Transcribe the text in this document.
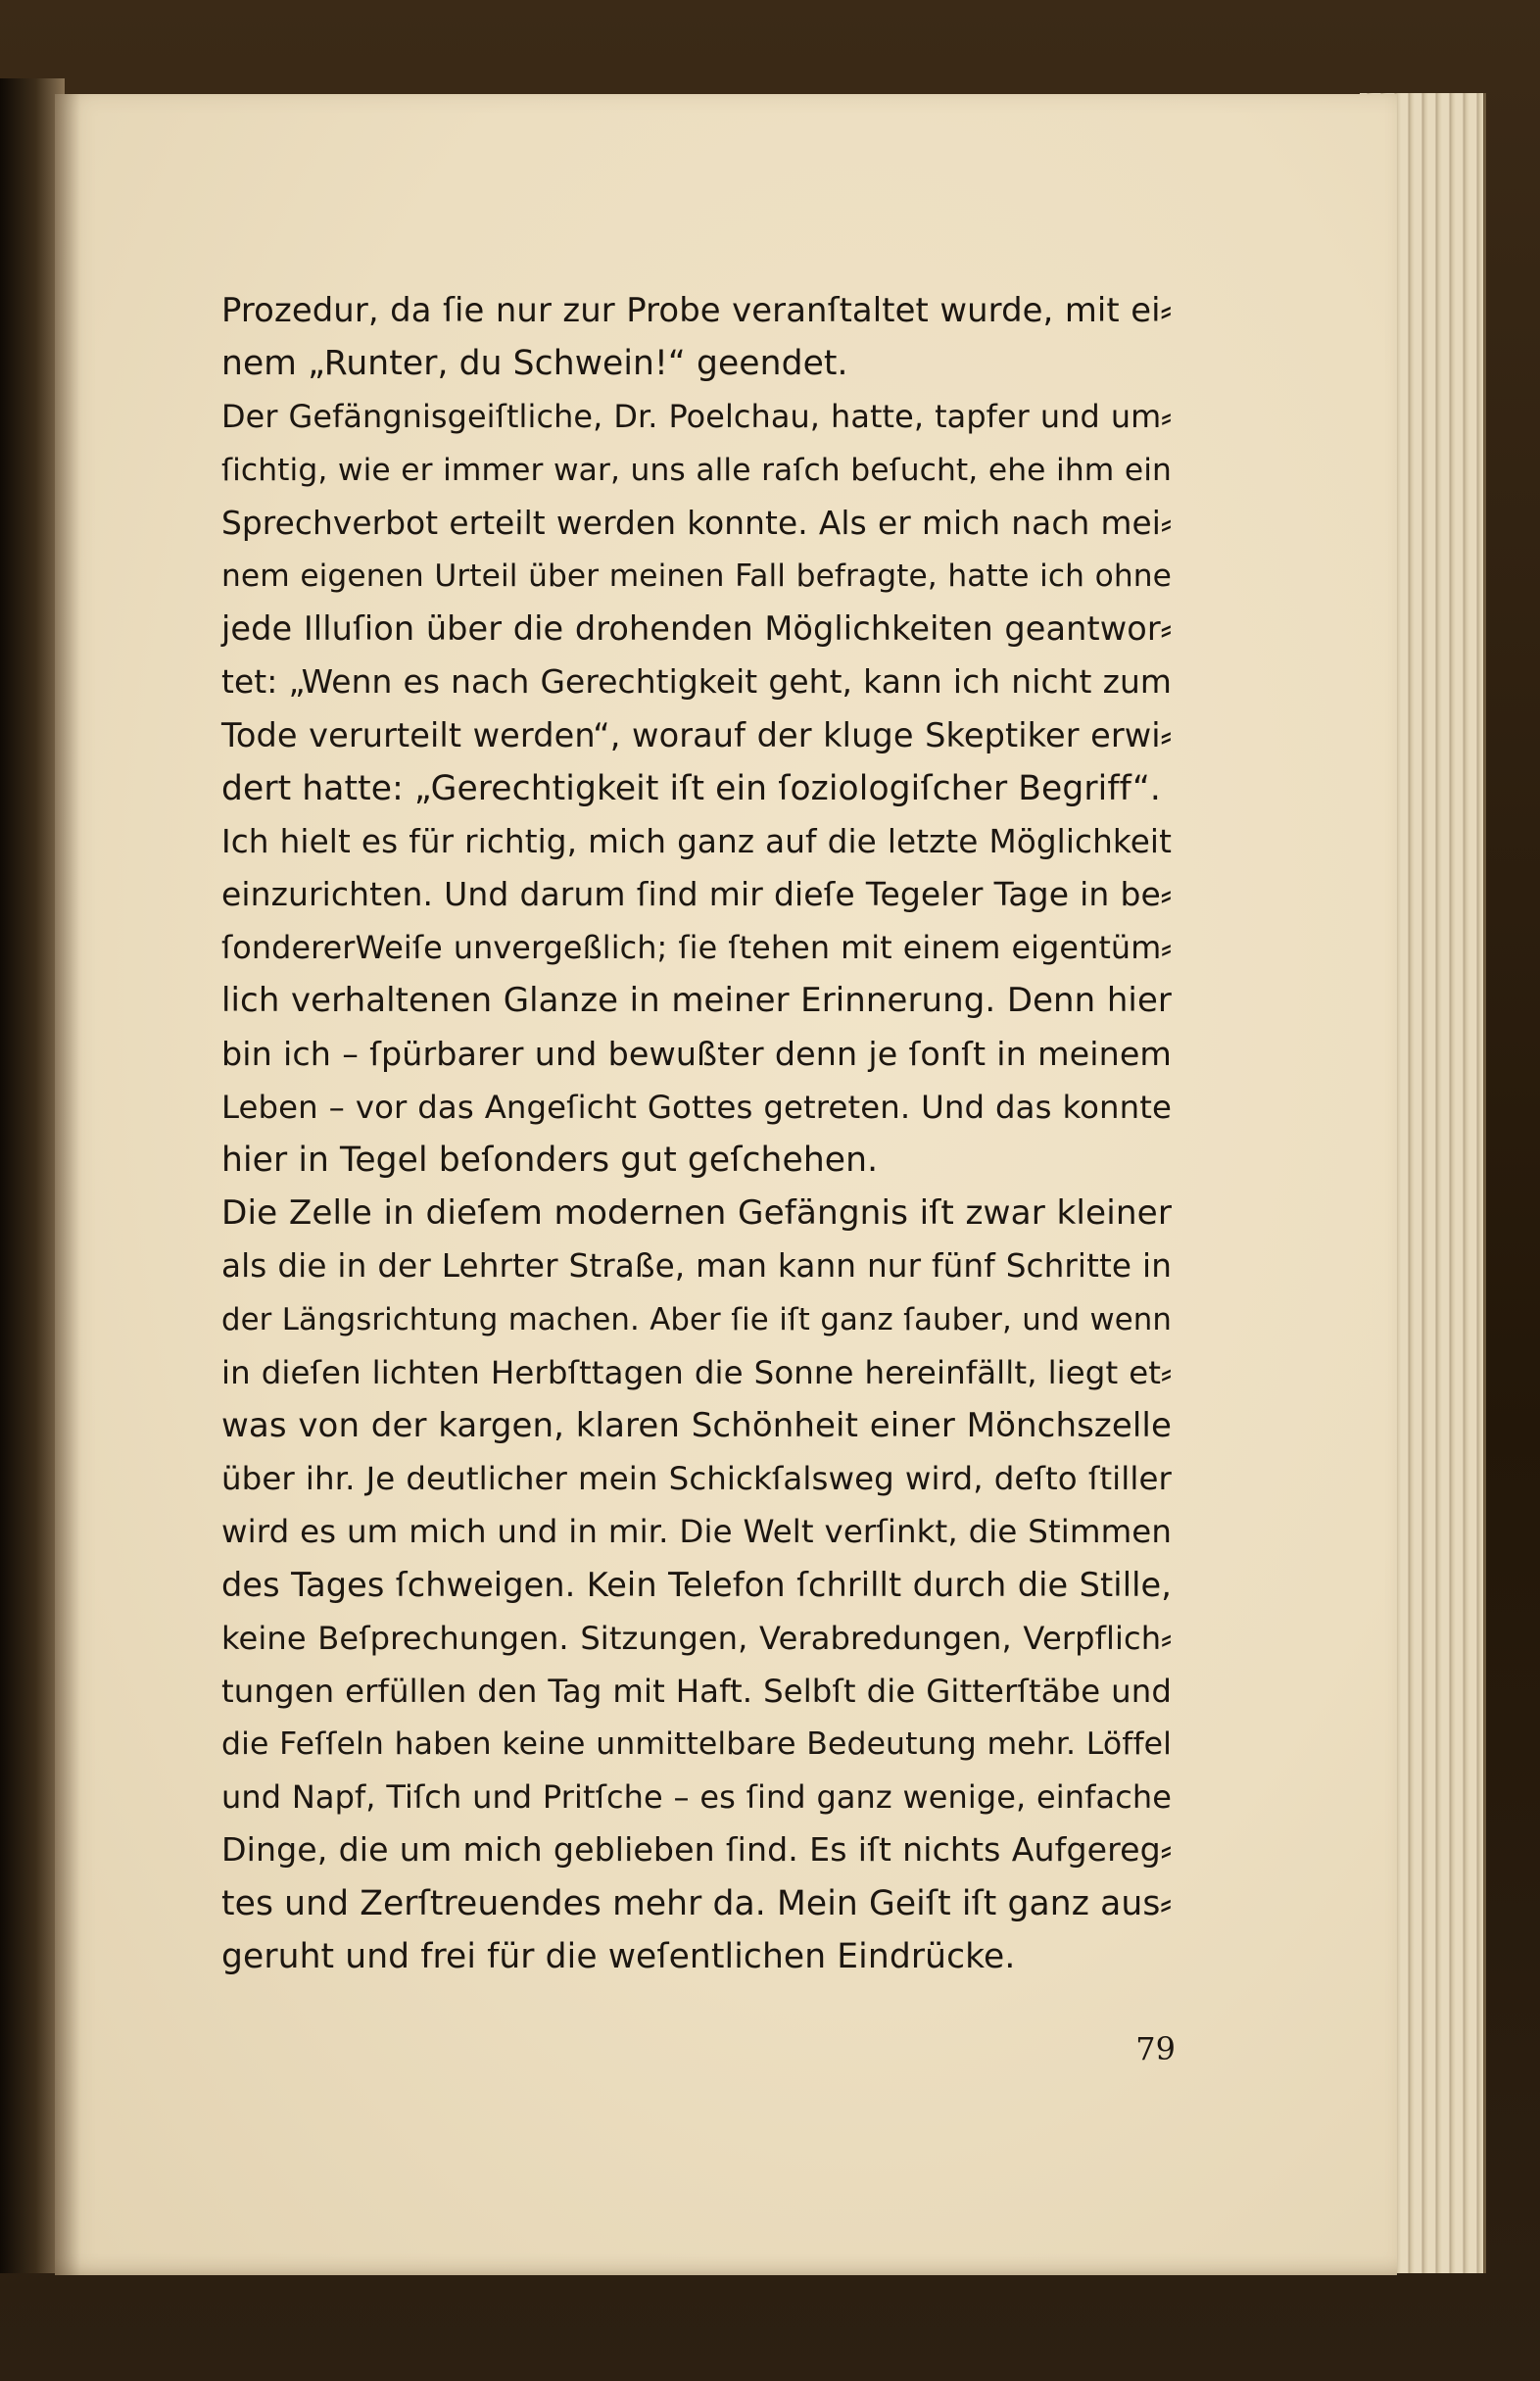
Prozedur, da ſie nur zur Probe veranſtaltet wurde, mit ei⸗
nem „Runter, du Schwein!“ geendet.
Der Gefängnisgeiſtliche, Dr. Poelchau, hatte, tapfer und um⸗
ſichtig, wie er immer war, uns alle raſch beſucht, ehe ihm ein
Sprechverbot erteilt werden konnte. Als er mich nach mei⸗
nem eigenen Urteil über meinen Fall befragte, hatte ich ohne
jede Illuſion über die drohenden Möglichkeiten geantwor⸗
tet: „Wenn es nach Gerechtigkeit geht, kann ich nicht zum
Tode verurteilt werden“, worauf der kluge Skeptiker erwi⸗
dert hatte: „Gerechtigkeit iſt ein ſoziologiſcher Begriff“.
Ich hielt es für richtig, mich ganz auf die letzte Möglichkeit
einzurichten. Und darum ſind mir dieſe Tegeler Tage in be⸗
ſondererWeiſe unvergeßlich; ſie ſtehen mit einem eigentüm⸗
lich verhaltenen Glanze in meiner Erinnerung. Denn hier
bin ich – ſpürbarer und bewußter denn je ſonſt in meinem
Leben – vor das Angeſicht Gottes getreten. Und das konnte
hier in Tegel beſonders gut geſchehen.
Die Zelle in dieſem modernen Gefängnis iſt zwar kleiner
als die in der Lehrter Straße, man kann nur fünf Schritte in
der Längsrichtung machen. Aber ſie iſt ganz ſauber, und wenn
in dieſen lichten Herbſttagen die Sonne hereinfällt, liegt et⸗
was von der kargen, klaren Schönheit einer Mönchszelle
über ihr. Je deutlicher mein Schickſalsweg wird, deſto ſtiller
wird es um mich und in mir. Die Welt verſinkt, die Stimmen
des Tages ſchweigen. Kein Telefon ſchrillt durch die Stille,
keine Beſprechungen. Sitzungen, Verabredungen, Verpflich⸗
tungen erfüllen den Tag mit Haft. Selbſt die Gitterſtäbe und
die Feſſeln haben keine unmittelbare Bedeutung mehr. Löffel
und Napf, Tiſch und Pritſche – es ſind ganz wenige, einfache
Dinge, die um mich geblieben ſind. Es iſt nichts Aufgereg⸗
tes und Zerſtreuendes mehr da. Mein Geiſt iſt ganz aus⸗
geruht und frei für die weſentlichen Eindrücke.
79
